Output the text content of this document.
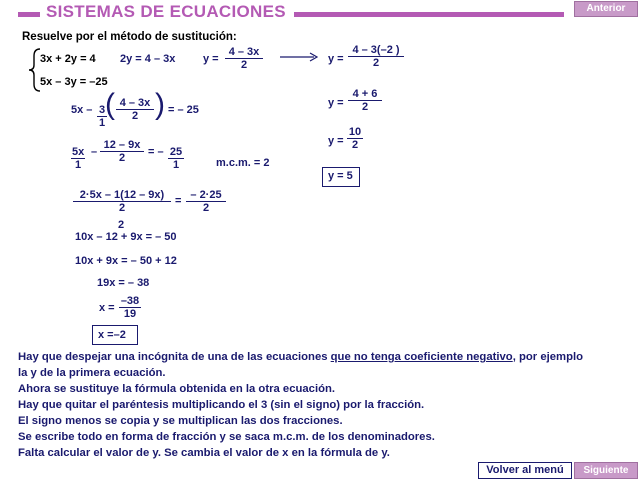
SISTEMAS DE ECUACIONES	Anterior
Resuelve por el método de sustitución:
3x + 2y = 4
5x – 3y = –25
2y = 4 – 3x	$y = \frac{4 - 3x}{2}$	$y = \frac{4 - 3(-2 )}{2}$
$y = \frac{4 + 6}{2}$
$y = \frac{10}{2}$
y = 5
$5x - \frac{3}{1}$
( $\frac{4 - 3x}{2}$ ) = – 25
$\frac{5x}{1} - \frac{12 - 9x}{2}$ = – $\frac{25}{1}$	m.c.m. = 2
$\frac{2\cdot 5x - 1(12 - 9x)}{2} = \frac{- 2\cdot 25}{2}$
2
10x – 12 + 9x = – 50
10x + 9x = – 50 + 12
19x = – 38
$x = \frac{-38}{19}$
x =–2
Hay que despejar una incógnita de una de las ecuaciones que no tenga coeficiente negativo, por ejemplo
la y de la primera ecuación.
Ahora se sustituye la fórmula obtenida en la otra ecuación.
Hay que quitar el paréntesis multiplicando el 3 (sin el signo) por la fracción.
El signo menos se copia y se multiplican las dos fracciones.
Se escribe todo en forma de fracción y se saca m.c.m. de los denominadores.
Falta calcular el valor de y. Se cambia el valor de x en la fórmula de y.
Volver al menú	Siguiente
